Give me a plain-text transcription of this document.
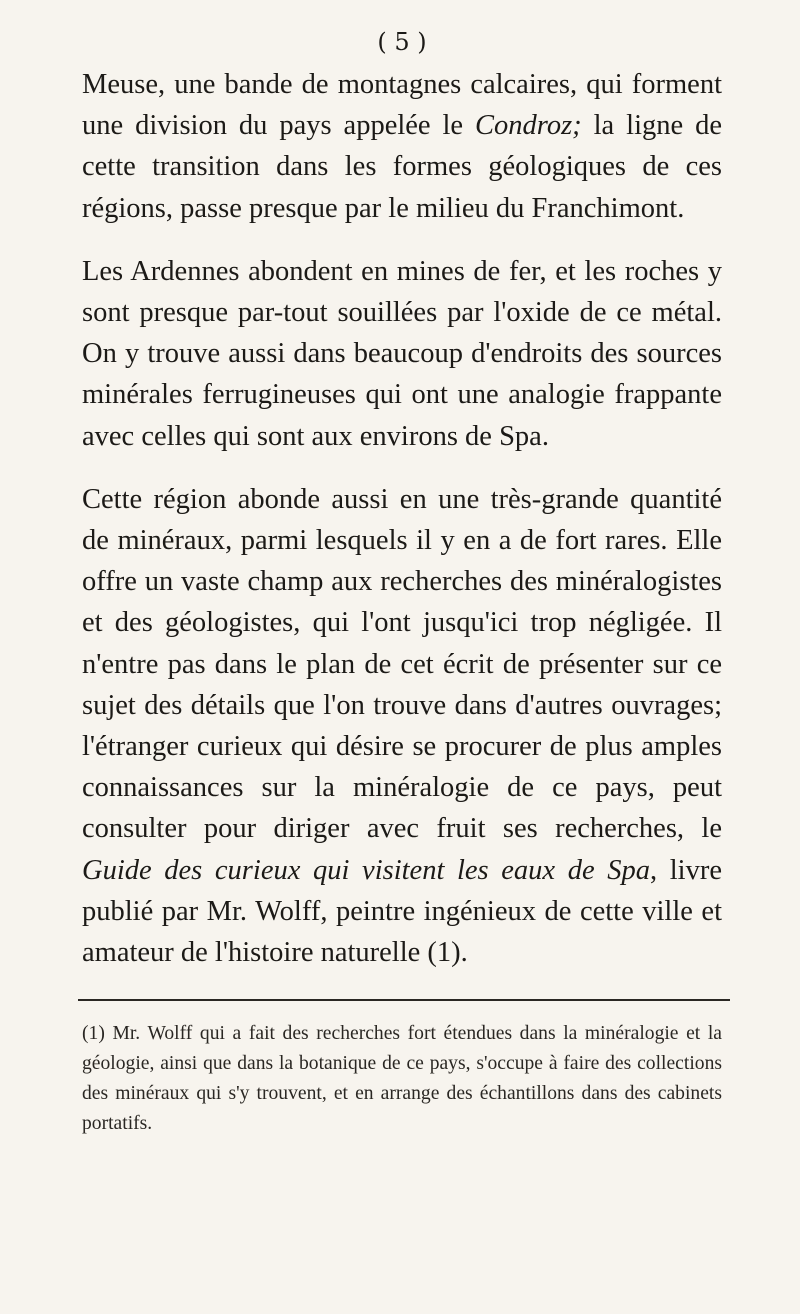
( 5 )

Meuse, une bande de montagnes calcaires, qui forment une division du pays appelée le Condroz; la ligne de cette transition dans les formes géologiques de ces régions, passe presque par le milieu du Franchimont.

Les Ardennes abondent en mines de fer, et les roches y sont presque par-tout souillées par l'oxide de ce métal. On y trouve aussi dans beaucoup d'endroits des sources minérales ferrugineuses qui ont une analogie frappante avec celles qui sont aux environs de Spa.

Cette région abonde aussi en une très-grande quantité de minéraux, parmi lesquels il y en a de fort rares. Elle offre un vaste champ aux recherches des minéralogistes et des géologistes, qui l'ont jusqu'ici trop négligée. Il n'entre pas dans le plan de cet écrit de présenter sur ce sujet des détails que l'on trouve dans d'autres ouvrages; l'étranger curieux qui désire se procurer de plus amples connaissances sur la minéralogie de ce pays, peut consulter pour diriger avec fruit ses recherches, le Guide des curieux qui visitent les eaux de Spa, livre publié par Mr. Wolff, peintre ingénieux de cette ville et amateur de l'histoire naturelle (1).

(1) Mr. Wolff qui a fait des recherches fort étendues dans la minéralogie et la géologie, ainsi que dans la botanique de ce pays, s'occupe à faire des collections des minéraux qui s'y trouvent, et en arrange des échantillons dans des cabinets portatifs.
